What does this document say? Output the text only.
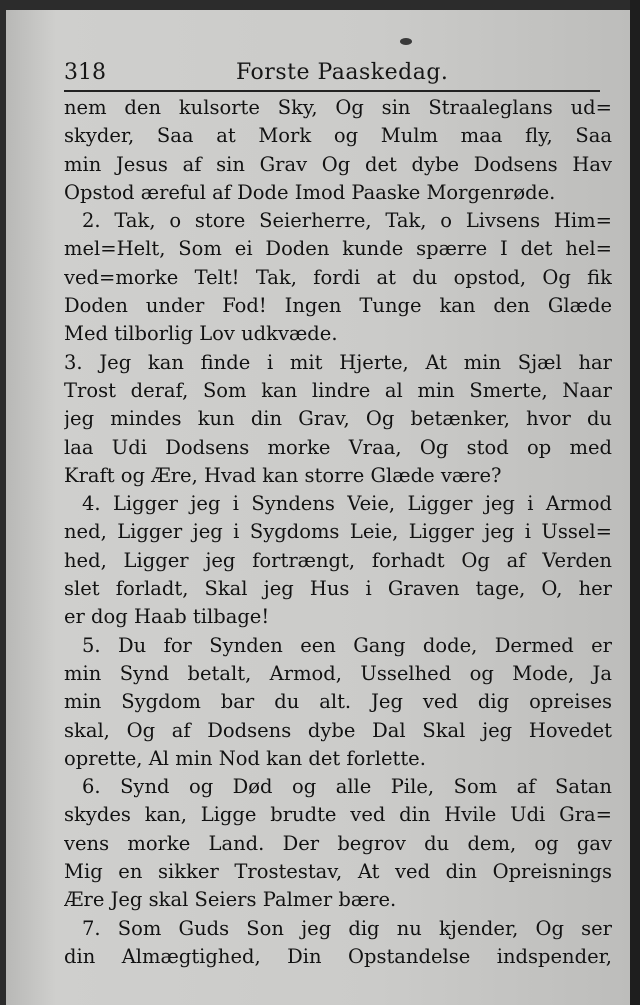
318	Forste Paaskedag.
nem den kulsorte Sky, Og sin Straaleglans ud=
skyder, Saa at Mork og Mulm maa fly, Saa
min Jesus af sin Grav Og det dybe Dodsens Hav
Opstod æreful af Dode Imod Paaske Morgenrøde.
2. Tak, o store Seierherre, Tak, o Livsens Him=
mel=Helt, Som ei Doden kunde spærre I det hel=
ved=morke Telt! Tak, fordi at du opstod, Og fik
Doden under Fod! Ingen Tunge kan den Glæde
Med tilborlig Lov udkvæde.
3. Jeg kan finde i mit Hjerte, At min Sjæl har
Trost deraf, Som kan lindre al min Smerte, Naar
jeg mindes kun din Grav, Og betænker, hvor du
laa Udi Dodsens morke Vraa, Og stod op med
Kraft og Ære, Hvad kan storre Glæde være?
4. Ligger jeg i Syndens Veie, Ligger jeg i Armod
ned, Ligger jeg i Sygdoms Leie, Ligger jeg i Ussel=
hed, Ligger jeg fortrængt, forhadt Og af Verden
slet forladt, Skal jeg Hus i Graven tage, O, her
er dog Haab tilbage!
5. Du for Synden een Gang dode, Dermed er
min Synd betalt, Armod, Usselhed og Mode, Ja
min Sygdom bar du alt. Jeg ved dig opreises
skal, Og af Dodsens dybe Dal Skal jeg Hovedet
oprette, Al min Nod kan det forlette.
6. Synd og Død og alle Pile, Som af Satan
skydes kan, Ligge brudte ved din Hvile Udi Gra=
vens morke Land. Der begrov du dem, og gav
Mig en sikker Trostestav, At ved din Opreisnings
Ære Jeg skal Seiers Palmer bære.
7. Som Guds Son jeg dig nu kjender, Og ser
din Almægtighed, Din Opstandelse indspender,
